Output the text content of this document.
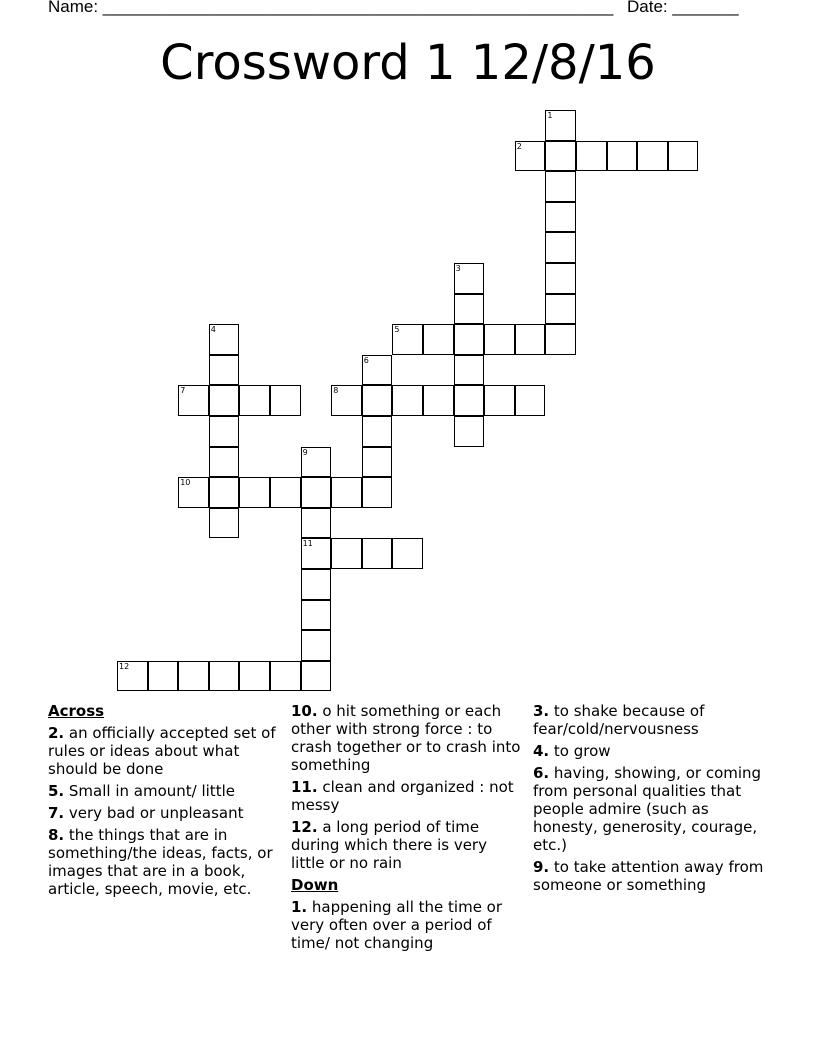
Name: ______________________________________________________ Date: _______
Crossword 1 12/8/16
1
2
3
4	5
6
7	8
9
10
11
12
Across
2. an officially accepted set of rules or ideas about what should be done
5. Small in amount/ little
7. very bad or unpleasant
8. the things that are in something/the ideas, facts, or images that are in a book, article, speech, movie, etc.
10. o hit something or each other with strong force : to crash together or to crash into something
11. clean and organized : not messy
12. a long period of time during which there is very little or no rain
Down
1. happening all the time or very often over a period of time/ not changing
3. to shake because of fear/cold/nervousness
4. to grow
6. having, showing, or coming from personal qualities that people admire (such as honesty, generosity, courage, etc.)
9. to take attention away from someone or something
